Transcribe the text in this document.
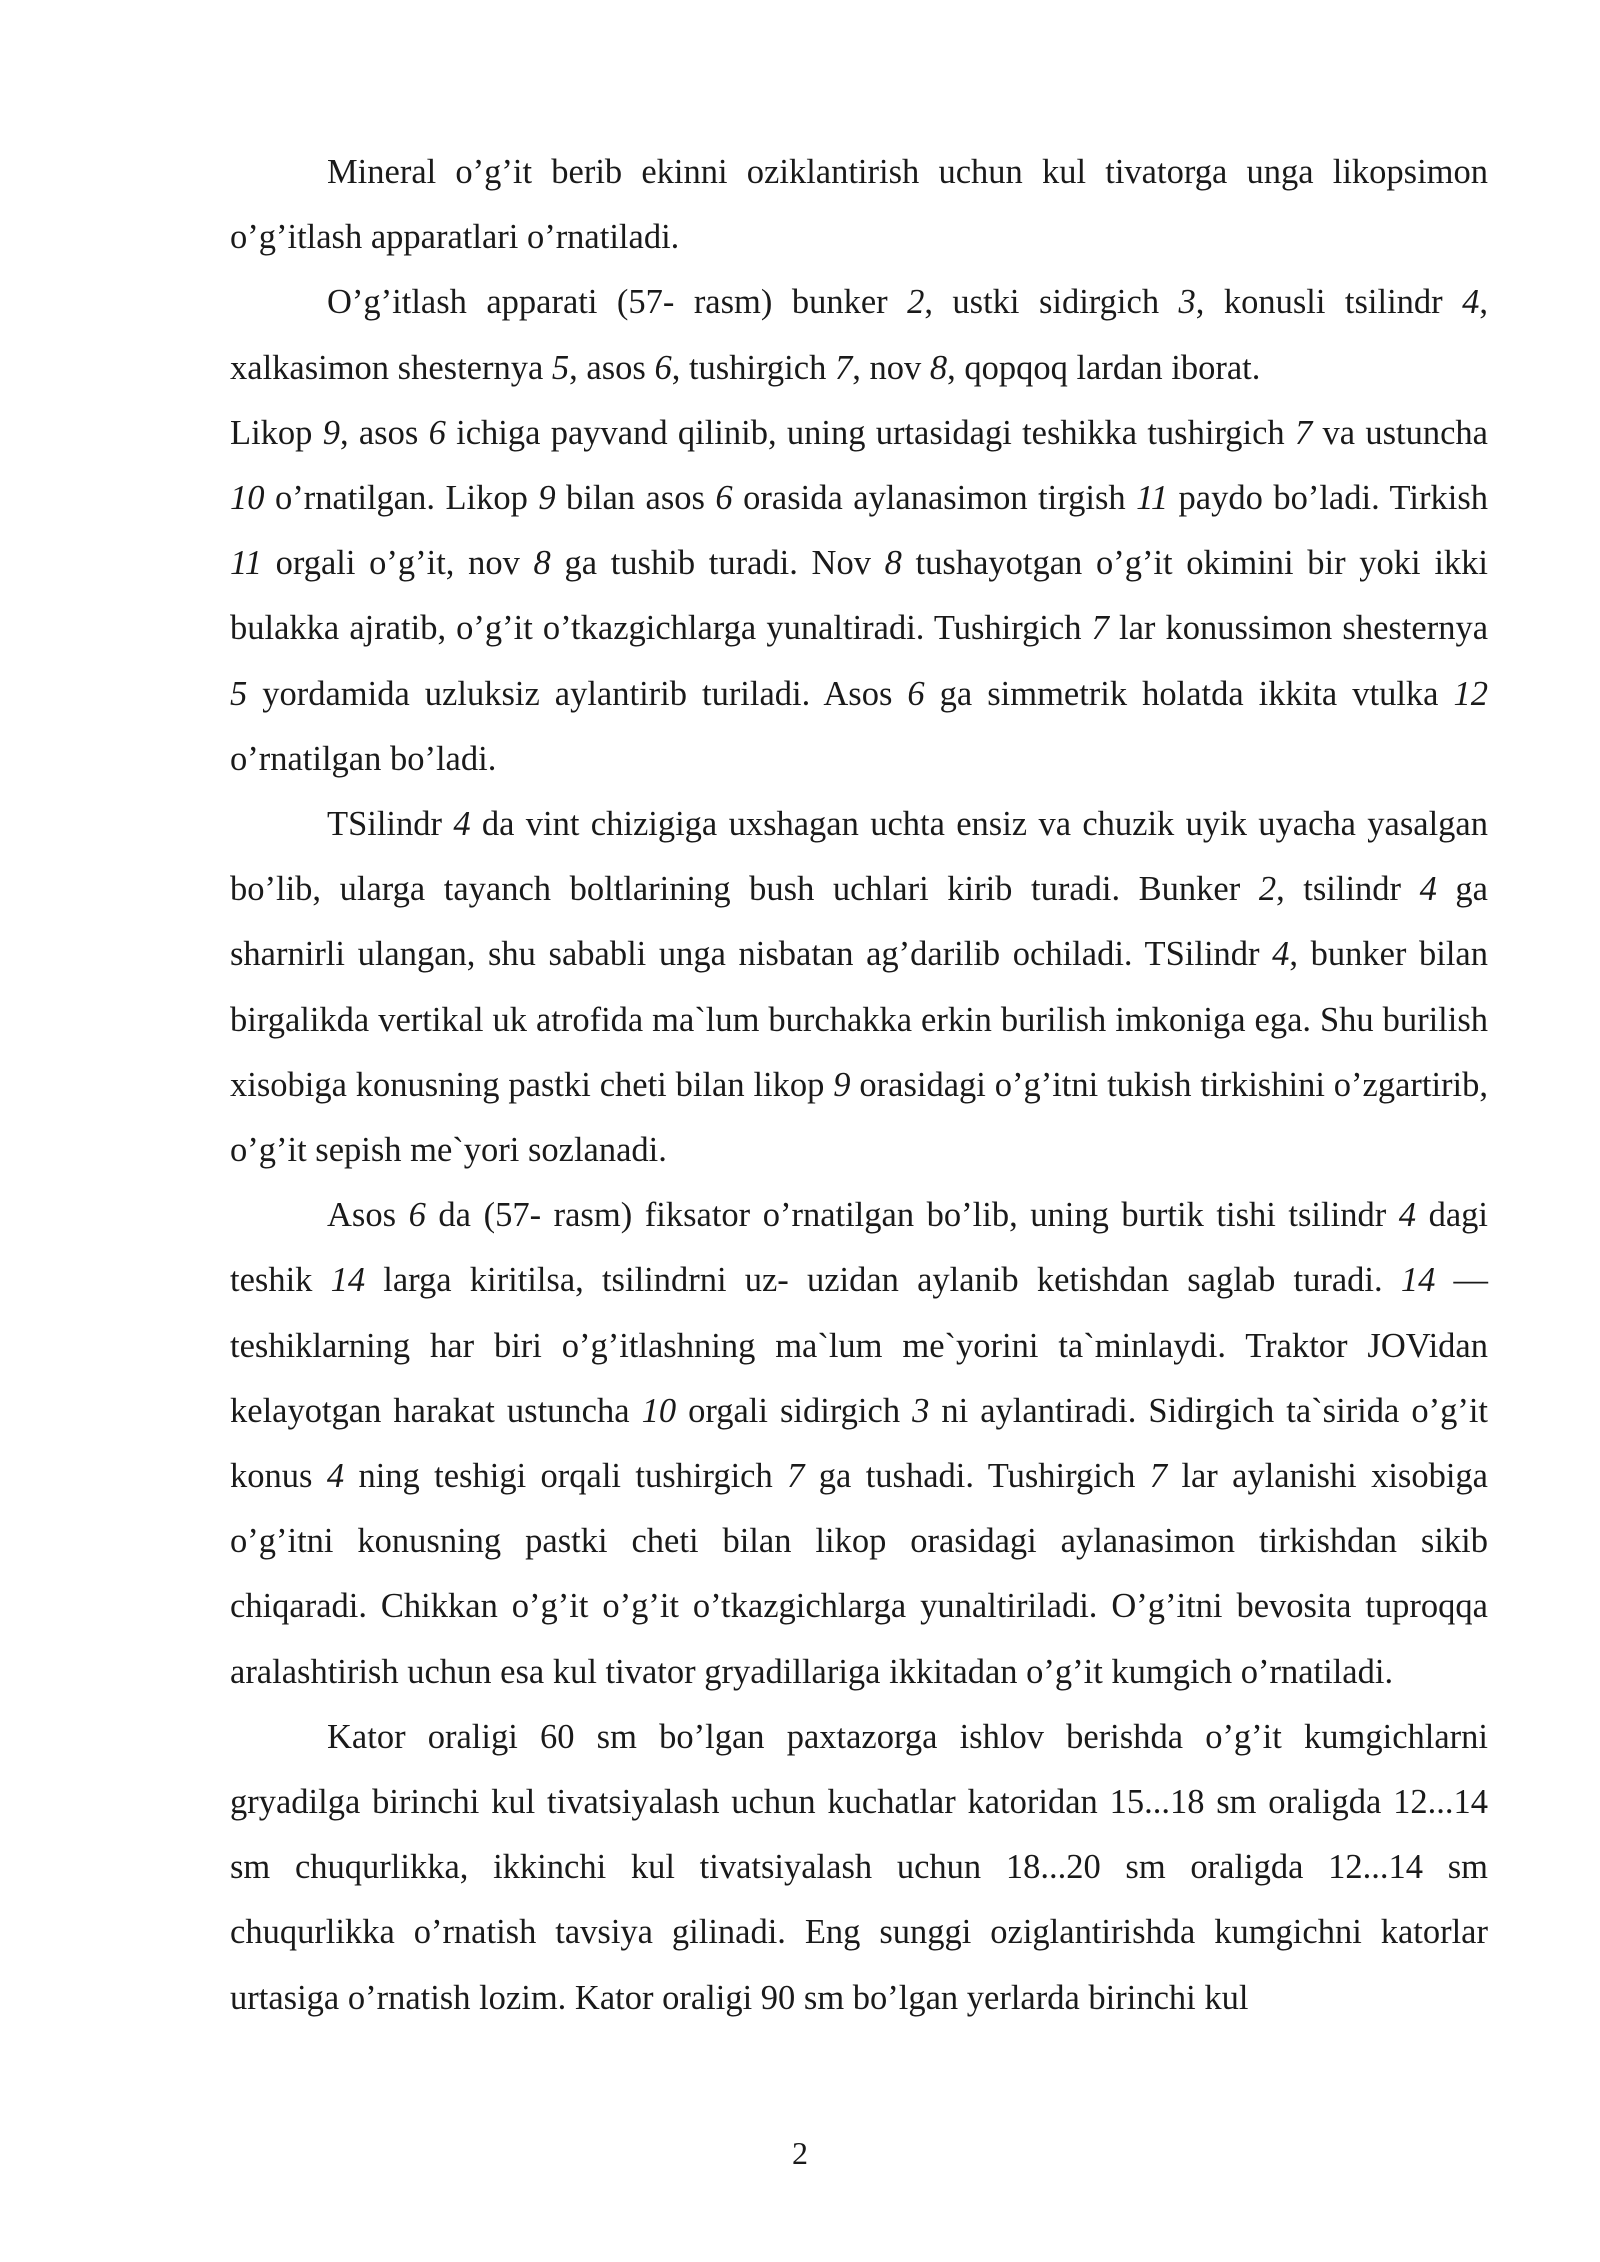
Mineral o’g’it berib ekinni oziklantirish uchun kul tivatorga unga likopsimon o’g’itlash apparatlari o’rnatiladi.

O’g’itlash apparati (57- rasm) bunker 2, ustki sidirgich 3, konusli tsilindr 4, xalkasimon shesternya 5, asos 6, tushirgich 7, nov 8, qopqoq lardan iborat.

Likop 9, asos 6 ichiga payvand qilinib, uning urtasidagi teshikka tushirgich 7 va ustuncha 10 o’rnatilgan. Likop 9 bilan asos 6 orasida aylanasimon tirgish 11 paydo bo’ladi. Tirkish 11 orgali o’g’it, nov 8 ga tushib turadi. Nov 8 tushayotgan o’g’it okimini bir yoki ikki bulakka ajratib, o’g’it o’tkazgichlarga yunaltiradi. Tushirgich 7 lar konussimon shesternya 5 yordamida uzluksiz aylantirib turiladi. Asos 6 ga simmetrik holatda ikkita vtulka 12 o’rnatilgan bo’ladi.

TSilindr 4 da vint chizigiga uxshagan uchta ensiz va chuzik uyik uyacha yasalgan bo’lib, ularga tayanch boltlarining bush uchlari kirib turadi. Bunker 2, tsilindr 4 ga sharnirli ulangan, shu sababli unga nisbatan ag’darilib ochiladi. TSilindr 4, bunker bilan birgalikda vertikal uk atrofida ma`lum burchakka erkin burilish imkoniga ega. Shu burilish xisobiga konusning pastki cheti bilan likop 9 orasidagi o’g’itni tukish tirkishini o’zgartirib, o’g’it sepish me`yori sozlanadi.

Asos 6 da (57- rasm) fiksator o’rnatilgan bo’lib, uning burtik tishi tsilindr 4 dagi teshik 14 larga kiritilsa, tsilindrni uz- uzidan aylanib ketishdan saglab turadi. 14 — teshiklarning har biri o’g’itlashning ma`lum me`yorini ta`minlaydi. Traktor JOVidan kelayotgan harakat ustuncha 10 orgali sidirgich 3 ni aylantiradi. Sidirgich ta`sirida o’g’it konus 4 ning teshigi orqali tushirgich 7 ga tushadi. Tushirgich 7 lar aylanishi xisobiga o’g’itni konusning pastki cheti bilan likop orasidagi aylanasimon tirkishdan sikib chiqaradi. Chikkan o’g’it o’g’it o’tkazgichlarga yunaltiriladi. O’g’itni bevosita tuproqqa aralashtirish uchun esa kul tivator gryadillariga ikkitadan o’g’it kumgich o’rnatiladi.

Kator oraligi 60 sm bo’lgan paxtazorga ishlov berishda o’g’it kumgichlarni gryadilga birinchi kul tivatsiyalash uchun kuchatlar katoridan 15...18 sm oraligda 12...14 sm chuqurlikka, ikkinchi kul tivatsiyalash uchun 18...20 sm oraligda 12...14 sm chuqurlikka o’rnatish tavsiya gilinadi. Eng sunggi oziglantirishda kumgichni katorlar urtasiga o’rnatish lozim. Kator oraligi 90 sm bo’lgan yerlarda birinchi kul

2
